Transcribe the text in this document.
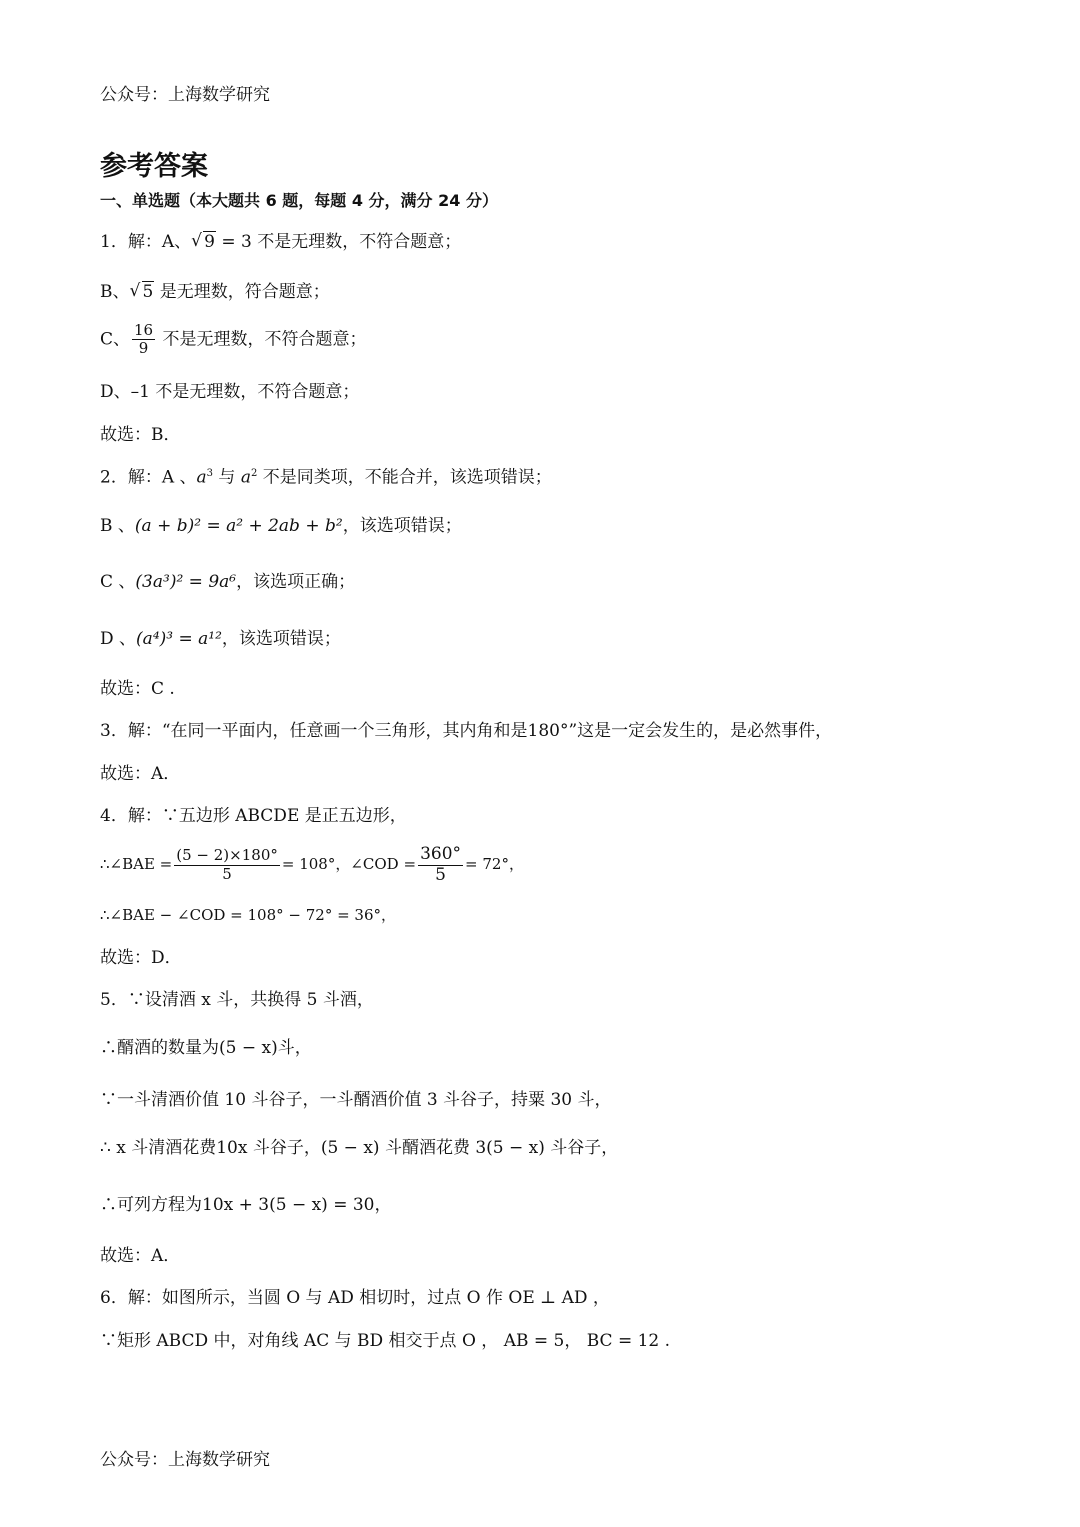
公众号：上海数学研究
参考答案
一、单选题（本大题共 6 题，每题 4 分，满分 24 分）
1．解：A、 √ 9 = 3 不是无理数，不符合题意；
B、 √ 5 是无理数，符合题意；
C、 $\frac{16}{9}$ 不是无理数，不符合题意；
D、–1 不是无理数，不符合题意；
故选：B．
2．解：A 、$a^3$ 与 $a^2$ 不是同类项，不能合并，该选项错误；
B 、(a + b)² = a² + 2ab + b²，该选项错误；
C 、(3a³)² = 9a⁶，该选项正确；
D 、(a⁴)³ = a¹²，该选项错误；
故选：C .
3．解：“在同一平面内，任意画一个三角形，其内角和是180°”这是一定会发生的，是必然事件，
故选：A．
4．解：∵五边形 ABCDE 是正五边形，
∴∠BAE = $\frac{(5 - 2)\times 180^\circ}{5} = 108^\circ$，∠COD = $\frac{360^\circ}{5} = 72^\circ$，
∴∠BAE − ∠COD = 108° − 72° = 36°，
故选：D．
5．∵设清酒 x 斗，共换得 5 斗酒，
∴醑酒的数量为(5 − x)斗，
∵一斗清酒价值 10 斗谷子，一斗醑酒价值 3 斗谷子，持粟 30 斗，
∴ x 斗清酒花费10x 斗谷子，(5 − x) 斗醑酒花费 3(5 − x) 斗谷子，
∴可列方程为10x + 3(5 − x) = 30，
故选：A．
6．解：如图所示，当圆 O 与 AD 相切时，过点 O 作 OE ⊥ AD ，
∵矩形 ABCD 中，对角线 AC 与 BD 相交于点 O ， AB = 5， BC = 12 .
公众号：上海数学研究
